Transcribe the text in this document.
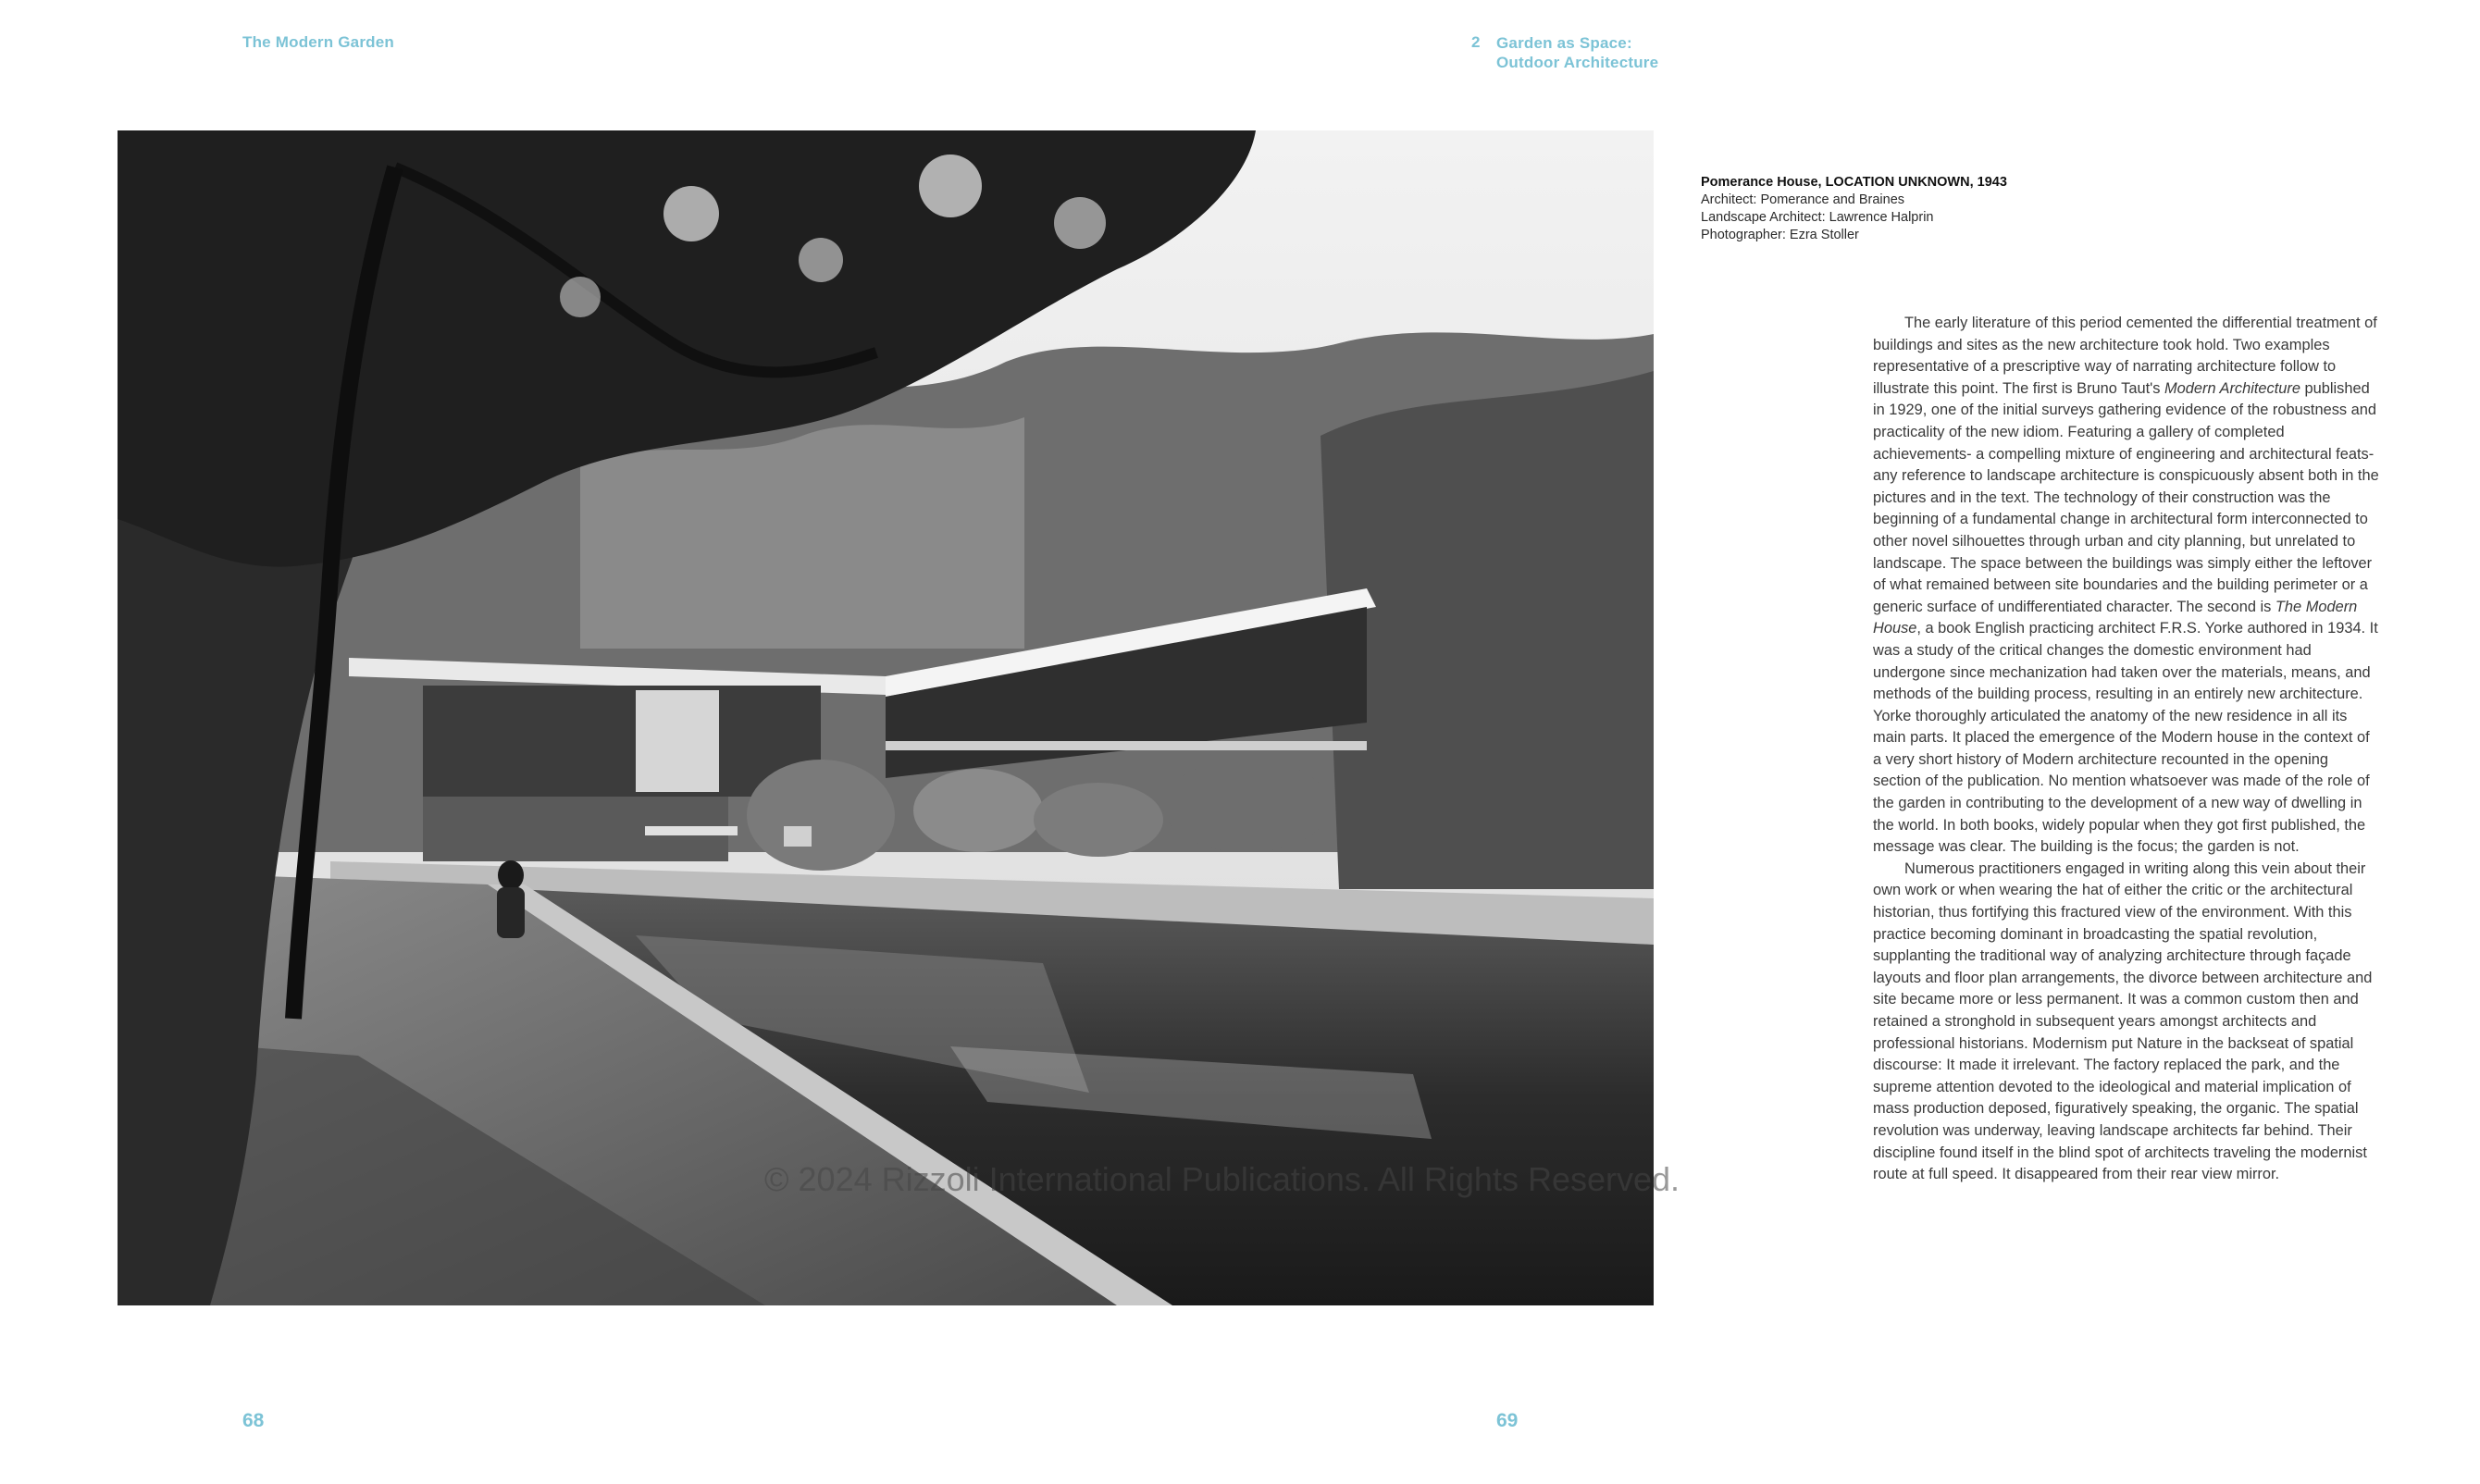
The Modern Garden	2 Garden as Space:
Outdoor Architecture
Pomerance House, LOCATION UNKNOWN, 1943
Architect: Pomerance and Braines
Landscape Architect: Lawrence Halprin
Photographer: Ezra Stoller

The early literature of this period cemented the differential treatment of buildings and sites as the new architecture took hold. Two examples representative of a prescriptive way of narrating architecture follow to illustrate this point. The first is Bruno Taut's Modern Architecture published in 1929, one of the initial surveys gathering evidence of the robustness and practicality of the new idiom. Featuring a gallery of completed achievements- a compelling mixture of engineering and architectural feats-any reference to landscape architecture is conspicuously absent both in the pictures and in the text. The technology of their construction was the beginning of a fundamental change in architectural form interconnected to other novel silhouettes through urban and city planning, but unrelated to landscape. The space between the buildings was simply either the leftover of what remained between site boundaries and the building perimeter or a generic surface of undifferentiated character. The second is The Modern House, a book English practicing architect F.R.S. Yorke authored in 1934. It was a study of the critical changes the domestic environment had undergone since mechanization had taken over the materials, means, and methods of the building process, resulting in an entirely new architecture. Yorke thoroughly articulated the anatomy of the new residence in all its main parts. It placed the emergence of the Modern house in the context of a very short history of Modern architecture recounted in the opening section of the publication. No mention whatsoever was made of the role of the garden in contributing to the development of a new way of dwelling in the world. In both books, widely popular when they got first published, the message was clear. The building is the focus; the garden is not.

Numerous practitioners engaged in writing along this vein about their own work or when wearing the hat of either the critic or the architectural historian, thus fortifying this fractured view of the environment. With this practice becoming dominant in broadcasting the spatial revolution, supplanting the traditional way of analyzing architecture through façade layouts and floor plan arrangements, the divorce between architecture and site became more or less permanent. It was a common custom then and retained a stronghold in subsequent years amongst architects and professional historians. Modernism put Nature in the backseat of spatial discourse: It made it irrelevant. The factory replaced the park, and the supreme attention devoted to the ideological and material implication of mass production deposed, figuratively speaking, the organic. The spatial revolution was underway, leaving landscape architects far behind. Their discipline found itself in the blind spot of architects traveling the modernist route at full speed. It disappeared from their rear view mirror.

© 2024 Rizzoli International Publications. All Rights Reserved.
68	69
